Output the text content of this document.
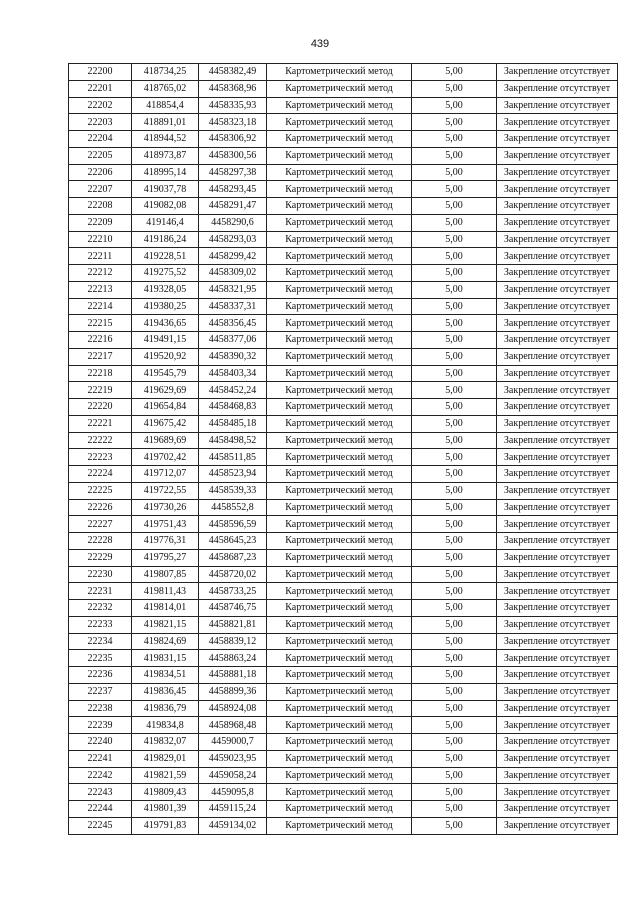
439
22200	418734,25	4458382,49	Картометрический метод	5,00	Закрепление отсутствует
22201	418765,02	4458368,96	Картометрический метод	5,00	Закрепление отсутствует
22202	418854,4	4458335,93	Картометрический метод	5,00	Закрепление отсутствует
22203	418891,01	4458323,18	Картометрический метод	5,00	Закрепление отсутствует
22204	418944,52	4458306,92	Картометрический метод	5,00	Закрепление отсутствует
22205	418973,87	4458300,56	Картометрический метод	5,00	Закрепление отсутствует
22206	418995,14	4458297,38	Картометрический метод	5,00	Закрепление отсутствует
22207	419037,78	4458293,45	Картометрический метод	5,00	Закрепление отсутствует
22208	419082,08	4458291,47	Картометрический метод	5,00	Закрепление отсутствует
22209	419146,4	4458290,6	Картометрический метод	5,00	Закрепление отсутствует
22210	419186,24	4458293,03	Картометрический метод	5,00	Закрепление отсутствует
22211	419228,51	4458299,42	Картометрический метод	5,00	Закрепление отсутствует
22212	419275,52	4458309,02	Картометрический метод	5,00	Закрепление отсутствует
22213	419328,05	4458321,95	Картометрический метод	5,00	Закрепление отсутствует
22214	419380,25	4458337,31	Картометрический метод	5,00	Закрепление отсутствует
22215	419436,65	4458356,45	Картометрический метод	5,00	Закрепление отсутствует
22216	419491,15	4458377,06	Картометрический метод	5,00	Закрепление отсутствует
22217	419520,92	4458390,32	Картометрический метод	5,00	Закрепление отсутствует
22218	419545,79	4458403,34	Картометрический метод	5,00	Закрепление отсутствует
22219	419629,69	4458452,24	Картометрический метод	5,00	Закрепление отсутствует
22220	419654,84	4458468,83	Картометрический метод	5,00	Закрепление отсутствует
22221	419675,42	4458485,18	Картометрический метод	5,00	Закрепление отсутствует
22222	419689,69	4458498,52	Картометрический метод	5,00	Закрепление отсутствует
22223	419702,42	4458511,85	Картометрический метод	5,00	Закрепление отсутствует
22224	419712,07	4458523,94	Картометрический метод	5,00	Закрепление отсутствует
22225	419722,55	4458539,33	Картометрический метод	5,00	Закрепление отсутствует
22226	419730,26	4458552,8	Картометрический метод	5,00	Закрепление отсутствует
22227	419751,43	4458596,59	Картометрический метод	5,00	Закрепление отсутствует
22228	419776,31	4458645,23	Картометрический метод	5,00	Закрепление отсутствует
22229	419795,27	4458687,23	Картометрический метод	5,00	Закрепление отсутствует
22230	419807,85	4458720,02	Картометрический метод	5,00	Закрепление отсутствует
22231	419811,43	4458733,25	Картометрический метод	5,00	Закрепление отсутствует
22232	419814,01	4458746,75	Картометрический метод	5,00	Закрепление отсутствует
22233	419821,15	4458821,81	Картометрический метод	5,00	Закрепление отсутствует
22234	419824,69	4458839,12	Картометрический метод	5,00	Закрепление отсутствует
22235	419831,15	4458863,24	Картометрический метод	5,00	Закрепление отсутствует
22236	419834,51	4458881,18	Картометрический метод	5,00	Закрепление отсутствует
22237	419836,45	4458899,36	Картометрический метод	5,00	Закрепление отсутствует
22238	419836,79	4458924,08	Картометрический метод	5,00	Закрепление отсутствует
22239	419834,8	4458968,48	Картометрический метод	5,00	Закрепление отсутствует
22240	419832,07	4459000,7	Картометрический метод	5,00	Закрепление отсутствует
22241	419829,01	4459023,95	Картометрический метод	5,00	Закрепление отсутствует
22242	419821,59	4459058,24	Картометрический метод	5,00	Закрепление отсутствует
22243	419809,43	4459095,8	Картометрический метод	5,00	Закрепление отсутствует
22244	419801,39	4459115,24	Картометрический метод	5,00	Закрепление отсутствует
22245	419791,83	4459134,02	Картометрический метод	5,00	Закрепление отсутствует
